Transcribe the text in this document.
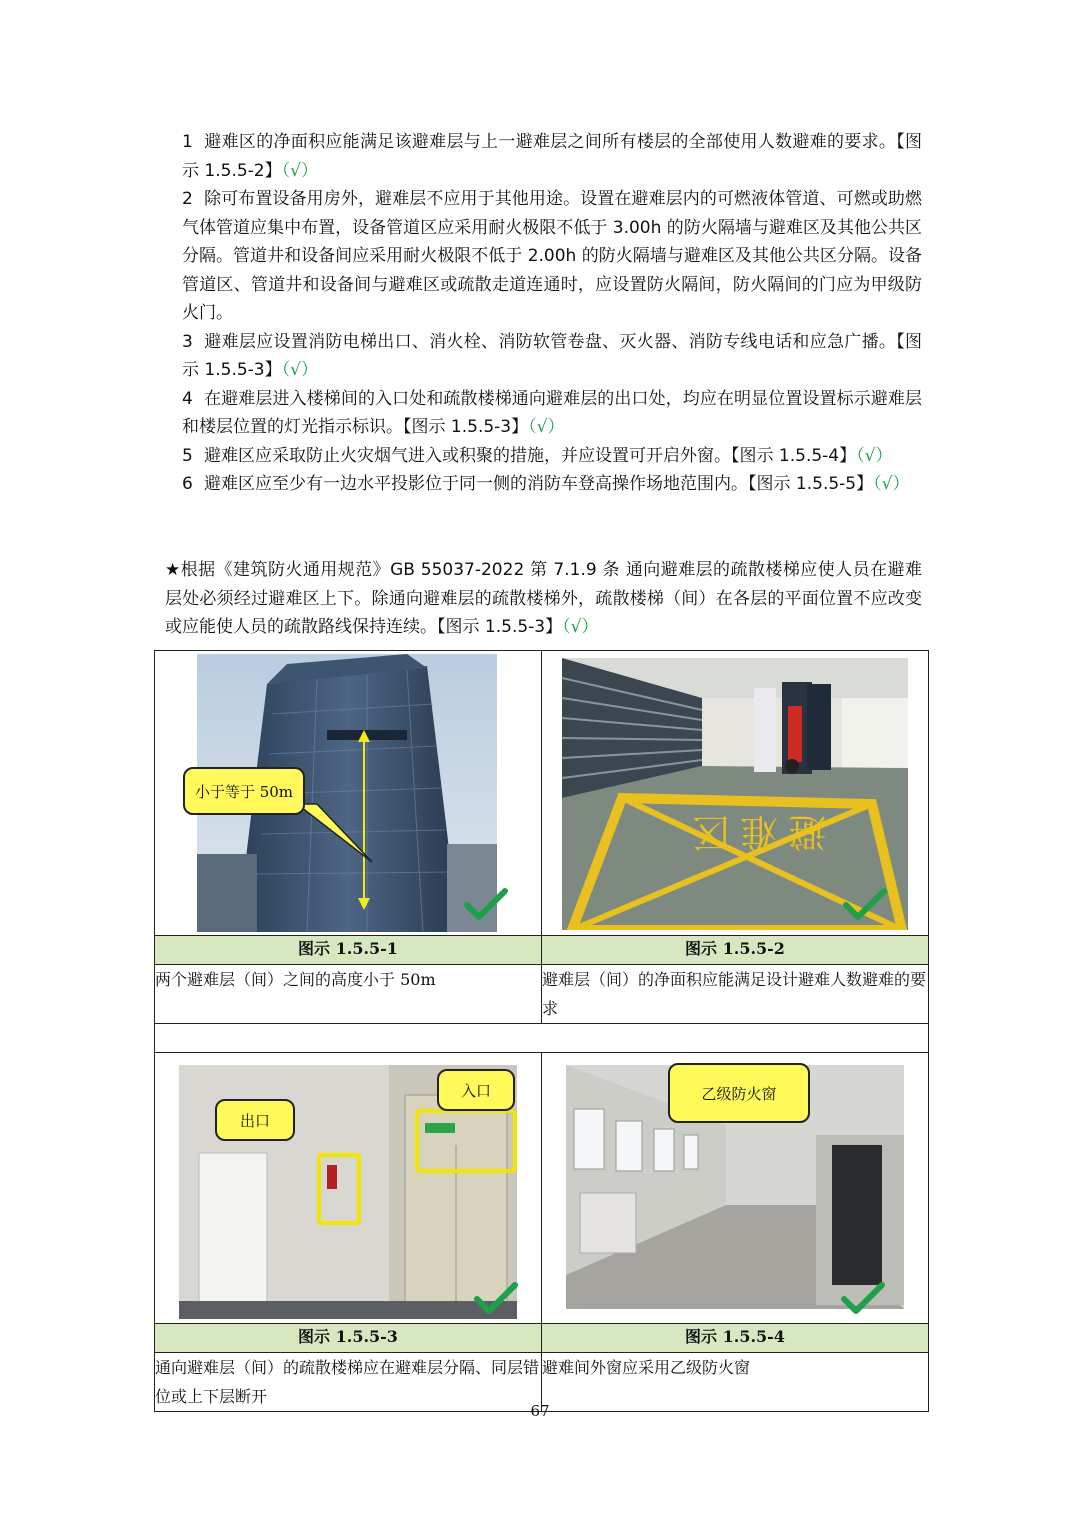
1 避难区的净面积应能满足该避难层与上一避难层之间所有楼层的全部使用人数避难的要求。【图示 1.5.5-2】（√）

2 除可布置设备用房外，避难层不应用于其他用途。设置在避难层内的可燃液体管道、可燃或助燃气体管道应集中布置，设备管道区应采用耐火极限不低于 3.00h 的防火隔墙与避难区及其他公共区分隔。管道井和设备间应采用耐火极限不低于 2.00h 的防火隔墙与避难区及其他公共区分隔。设备管道区、管道井和设备间与避难区或疏散走道连通时，应设置防火隔间，防火隔间的门应为甲级防火门。

3 避难层应设置消防电梯出口、消火栓、消防软管卷盘、灭火器、消防专线电话和应急广播。【图示 1.5.5-3】（√）

4 在避难层进入楼梯间的入口处和疏散楼梯通向避难层的出口处，均应在明显位置设置标示避难层和楼层位置的灯光指示标识。【图示 1.5.5-3】（√）

5 避难区应采取防止火灾烟气进入或积聚的措施，并应设置可开启外窗。【图示 1.5.5-4】（√）

6 避难区应至少有一边水平投影位于同一侧的消防车登高操作场地范围内。【图示 1.5.5-5】（√）

★根据《建筑防火通用规范》GB 55037-2022 第 7.1.9 条 通向避难层的疏散楼梯应使人员在避难层处必须经过避难区上下。除通向避难层的疏散楼梯外，疏散楼梯（间）在各层的平面位置不应改变或应能使人员的疏散路线保持连续。【图示 1.5.5-3】（√）

小于等于 50m	避难区

图示 1.5.5-1	图示 1.5.5-2
两个避难层（间）之间的高度小于 50m	避难层（间）的净面积应能满足设计避难人数避难的要求

出口
入口	乙级防火窗

图示 1.5.5-3	图示 1.5.5-4
通向避难层（间）的疏散楼梯应在避难层分隔、同层错位或上下层断开	避难间外窗应采用乙级防火窗
67
